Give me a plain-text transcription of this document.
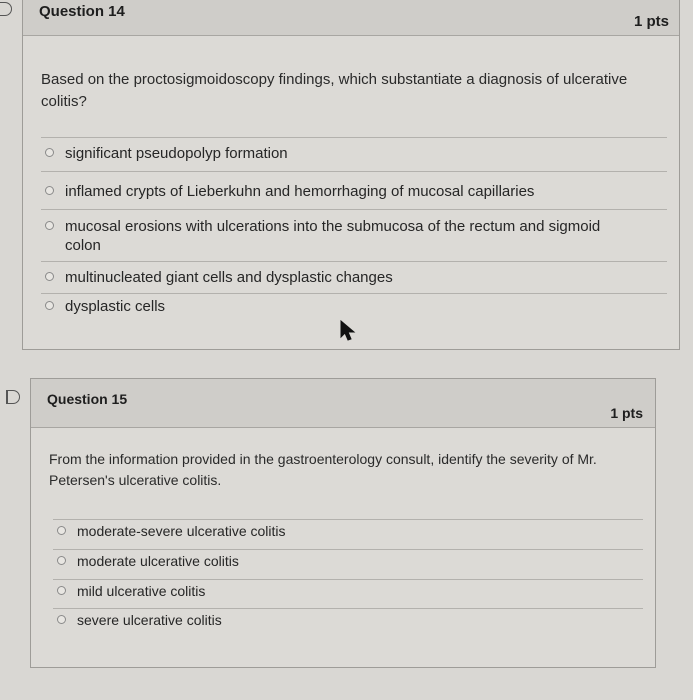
Question 14
1 pts
Based on the proctosigmoidoscopy findings, which substantiate a diagnosis of ulcerative
colitis?
significant pseudopolyp formation
inflamed crypts of Lieberkuhn and hemorrhaging of mucosal capillaries
mucosal erosions with ulcerations into the submucosa of the rectum and sigmoid
colon
multinucleated giant cells and dysplastic changes
dysplastic cells
Question 15
1 pts
From the information provided in the gastroenterology consult, identify the severity of Mr.
Petersen's ulcerative colitis.
moderate-severe ulcerative colitis
moderate ulcerative colitis
mild ulcerative colitis
severe ulcerative colitis
